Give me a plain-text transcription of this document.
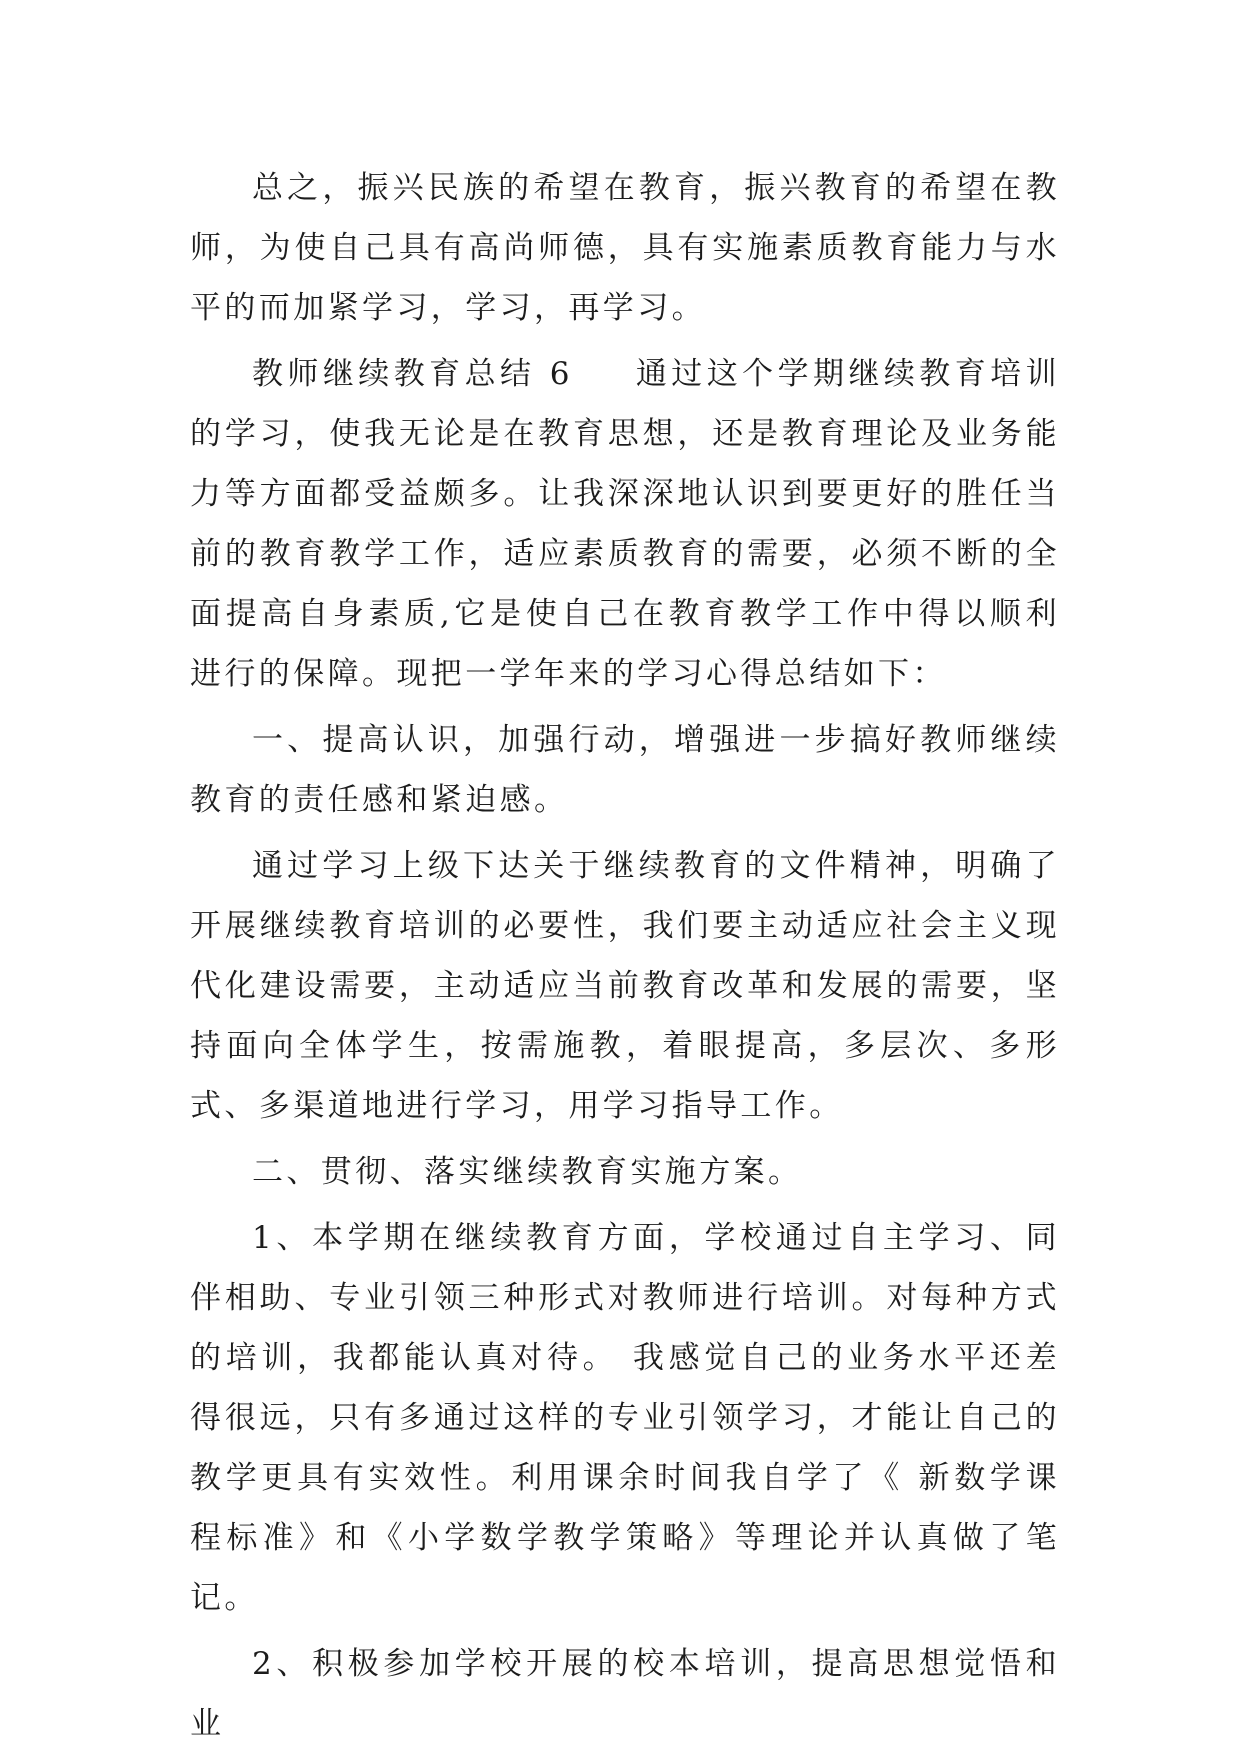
总之，振兴民族的希望在教育，振兴教育的希望在教师，为使自己具有高尚师德，具有实施素质教育能力与水平的而加紧学习，学习，再学习。

教师继续教育总结 6 通过这个学期继续教育培训的学习，使我无论是在教育思想，还是教育理论及业务能力等方面都受益颇多。让我深深地认识到要更好的胜任当前的教育教学工作，适应素质教育的需要，必须不断的全面提高自身素质,它是使自己在教育教学工作中得以顺利进行的保障。现把一学年来的学习心得总结如下：

一、提高认识，加强行动，增强进一步搞好教师继续教育的责任感和紧迫感。

通过学习上级下达关于继续教育的文件精神，明确了开展继续教育培训的必要性，我们要主动适应社会主义现代化建设需要，主动适应当前教育改革和发展的需要，坚持面向全体学生，按需施教，着眼提高，多层次、多形式、多渠道地进行学习，用学习指导工作。

二、贯彻、落实继续教育实施方案。

1、本学期在继续教育方面，学校通过自主学习、同伴相助、专业引领三种形式对教师进行培训。对每种方式的培训，我都能认真对待。 我感觉自己的业务水平还差得很远，只有多通过这样的专业引领学习，才能让自己的教学更具有实效性。利用课余时间我自学了《 新数学课程标准》和《小学数学教学策略》等理论并认真做了笔记。

2、积极参加学校开展的校本培训，提高思想觉悟和业
